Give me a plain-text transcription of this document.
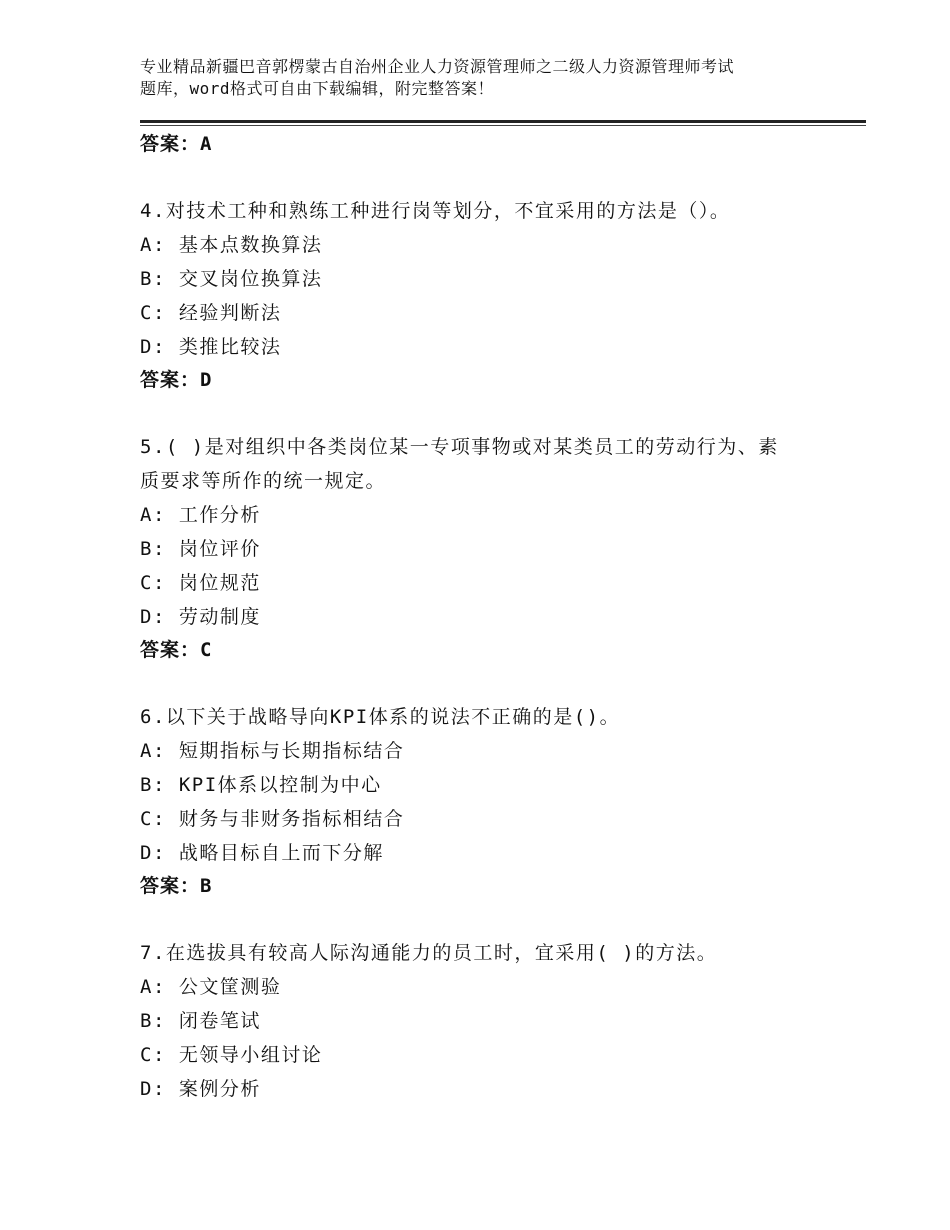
专业精品新疆巴音郭楞蒙古自治州企业人力资源管理师之二级人力资源管理师考试
题库，word格式可自由下载编辑，附完整答案！
答案：A
4.对技术工种和熟练工种进行岗等划分，不宜采用的方法是（）。
A: 基本点数换算法
B: 交叉岗位换算法
C: 经验判断法
D: 类推比较法
答案：D
5.( )是对组织中各类岗位某一专项事物或对某类员工的劳动行为、素
质要求等所作的统一规定。
A: 工作分析
B: 岗位评价
C: 岗位规范
D: 劳动制度
答案：C
6.以下关于战略导向KPI体系的说法不正确的是()。
A: 短期指标与长期指标结合
B: KPI体系以控制为中心
C: 财务与非财务指标相结合
D: 战略目标自上而下分解
答案：B
7.在选拔具有较高人际沟通能力的员工时，宜采用( )的方法。
A: 公文筐测验
B: 闭卷笔试
C: 无领导小组讨论
D: 案例分析
